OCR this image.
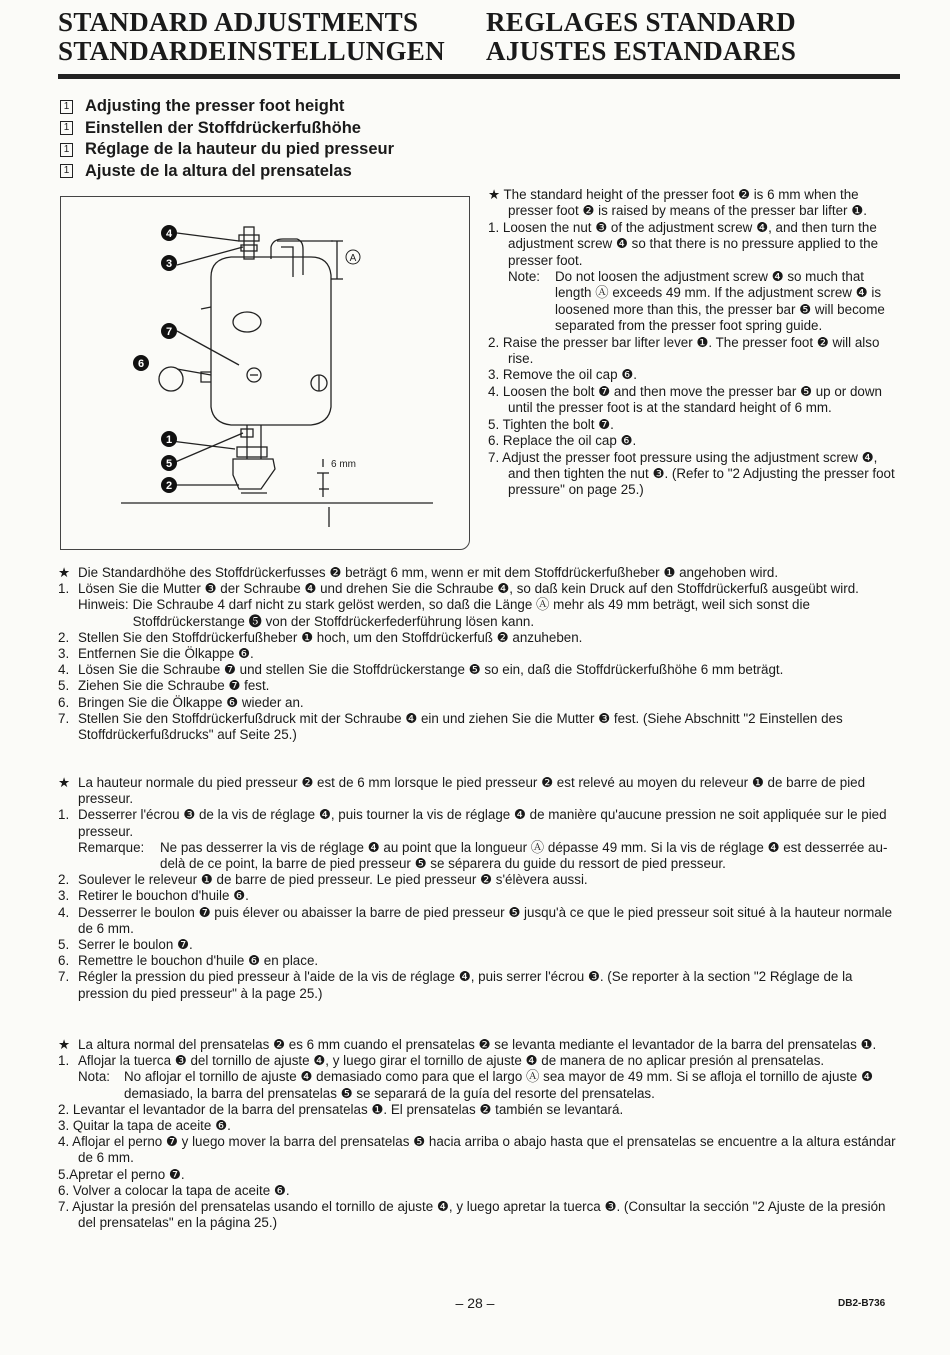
STANDARD ADJUSTMENTS	REGLAGES STANDARD
STANDARDEINSTELLUNGEN	AJUSTES ESTANDARES
1 Adjusting the presser foot height
1 Einstellen der Stoffdrückerfußhöhe
1 Réglage de la hauteur du pied presseur
1 Ajuste de la altura del prensatelas
4
3
7
6
1
5
2
A
6 mm
★ The standard height of the presser foot ❷ is 6 mm when the presser foot ❷ is raised by means of the presser bar lifter ❶.
1. Loosen the nut ❸ of the adjustment screw ❹, and then turn the adjustment screw ❹ so that there is no pressure applied to the presser foot.
Note:	Do not loosen the adjustment screw ❹ so much that length Ⓐ exceeds 49 mm. If the adjustment screw ❹ is loosened more than this, the presser bar ❺ will become separated from the presser foot spring guide.
2. Raise the presser bar lifter lever ❶. The presser foot ❷ will also rise.
3. Remove the oil cap ❻.
4. Loosen the bolt ❼ and then move the presser bar ❺ up or down until the presser foot is at the standard height of 6 mm.
5. Tighten the bolt ❼.
6. Replace the oil cap ❻.
7. Adjust the presser foot pressure using the adjustment screw ❹, and then tighten the nut ❸. (Refer to "2 Adjusting the presser foot pressure" on page 25.)
★ Die Standardhöhe des Stoffdrückerfusses ❷ beträgt 6 mm, wenn er mit dem Stoffdrückerfußheber ❶ angehoben wird.
1. Lösen Sie die Mutter ❸ der Schraube ❹ und drehen Sie die Schraube ❹, so daß kein Druck auf den Stoffdrückerfuß ausgeübt wird.
Hinweis: Die Schraube 4 darf nicht zu stark gelöst werden, so daß die Länge Ⓐ mehr als 49 mm beträgt, weil sich sonst die Stoffdrückerstange ❺ von der Stoffdrückerfederführung lösen kann.
2. Stellen Sie den Stoffdrückerfußheber ❶ hoch, um den Stoffdrückerfuß ❷ anzuheben.
3. Entfernen Sie die Ölkappe ❻.
4. Lösen Sie die Schraube ❼ und stellen Sie die Stoffdrückerstange ❺ so ein, daß die Stoffdrückerfußhöhe 6 mm beträgt.
5. Ziehen Sie die Schraube ❼ fest.
6. Bringen Sie die Ölkappe ❻ wieder an.
7. Stellen Sie den Stoffdrückerfußdruck mit der Schraube ❹ ein und ziehen Sie die Mutter ❸ fest. (Siehe Abschnitt "2 Einstellen des Stoffdrückerfußdrucks" auf Seite 25.)
★ La hauteur normale du pied presseur ❷ est de 6 mm lorsque le pied presseur ❷ est relevé au moyen du releveur ❶ de barre de pied presseur.
1. Desserrer l'écrou ❸ de la vis de réglage ❹, puis tourner la vis de réglage ❹ de manière qu'aucune pression ne soit appliquée sur le pied presseur.
Remarque:	Ne pas desserrer la vis de réglage ❹ au point que la longueur Ⓐ dépasse 49 mm. Si la vis de réglage ❹ est desserrée au-delà de ce point, la barre de pied presseur ❺ se séparera du guide du ressort de pied presseur.
2. Soulever le releveur ❶ de barre de pied presseur. Le pied presseur ❷ s'élèvera aussi.
3. Retirer le bouchon d'huile ❻.
4. Desserrer le boulon ❼ puis élever ou abaisser la barre de pied presseur ❺ jusqu'à ce que le pied presseur soit situé à la hauteur normale de 6 mm.
5. Serrer le boulon ❼.
6. Remettre le bouchon d'huile ❻ en place.
7. Régler la pression du pied presseur à l'aide de la vis de réglage ❹, puis serrer l'écrou ❸. (Se reporter à la section "2 Réglage de la pression du pied presseur" à la page 25.)
★ La altura normal del prensatelas ❷ es 6 mm cuando el prensatelas ❷ se levanta mediante el levantador de la barra del prensatelas ❶.
1. Aflojar la tuerca ❸ del tornillo de ajuste ❹, y luego girar el tornillo de ajuste ❹ de manera de no aplicar presión al prensatelas.
Nota:	No aflojar el tornillo de ajuste ❹ demasiado como para que el largo Ⓐ sea mayor de 49 mm. Si se afloja el tornillo de ajuste ❹ demasiado, la barra del prensatelas ❺ se separará de la guía del resorte del prensatelas.
2. Levantar el levantador de la barra del prensatelas ❶. El prensatelas ❷ también se levantará.
3. Quitar la tapa de aceite ❻.
4. Aflojar el perno ❼ y luego mover la barra del prensatelas ❺ hacia arriba o abajo hasta que el prensatelas se encuentre a la altura estándar de 6 mm.
5.Apretar el perno ❼.
6. Volver a colocar la tapa de aceite ❻.
7. Ajustar la presión del prensatelas usando el tornillo de ajuste ❹, y luego apretar la tuerca ❸. (Consultar la sección "2 Ajuste de la presión del prensatelas" en la página 25.)
– 28 –	DB2-B736
